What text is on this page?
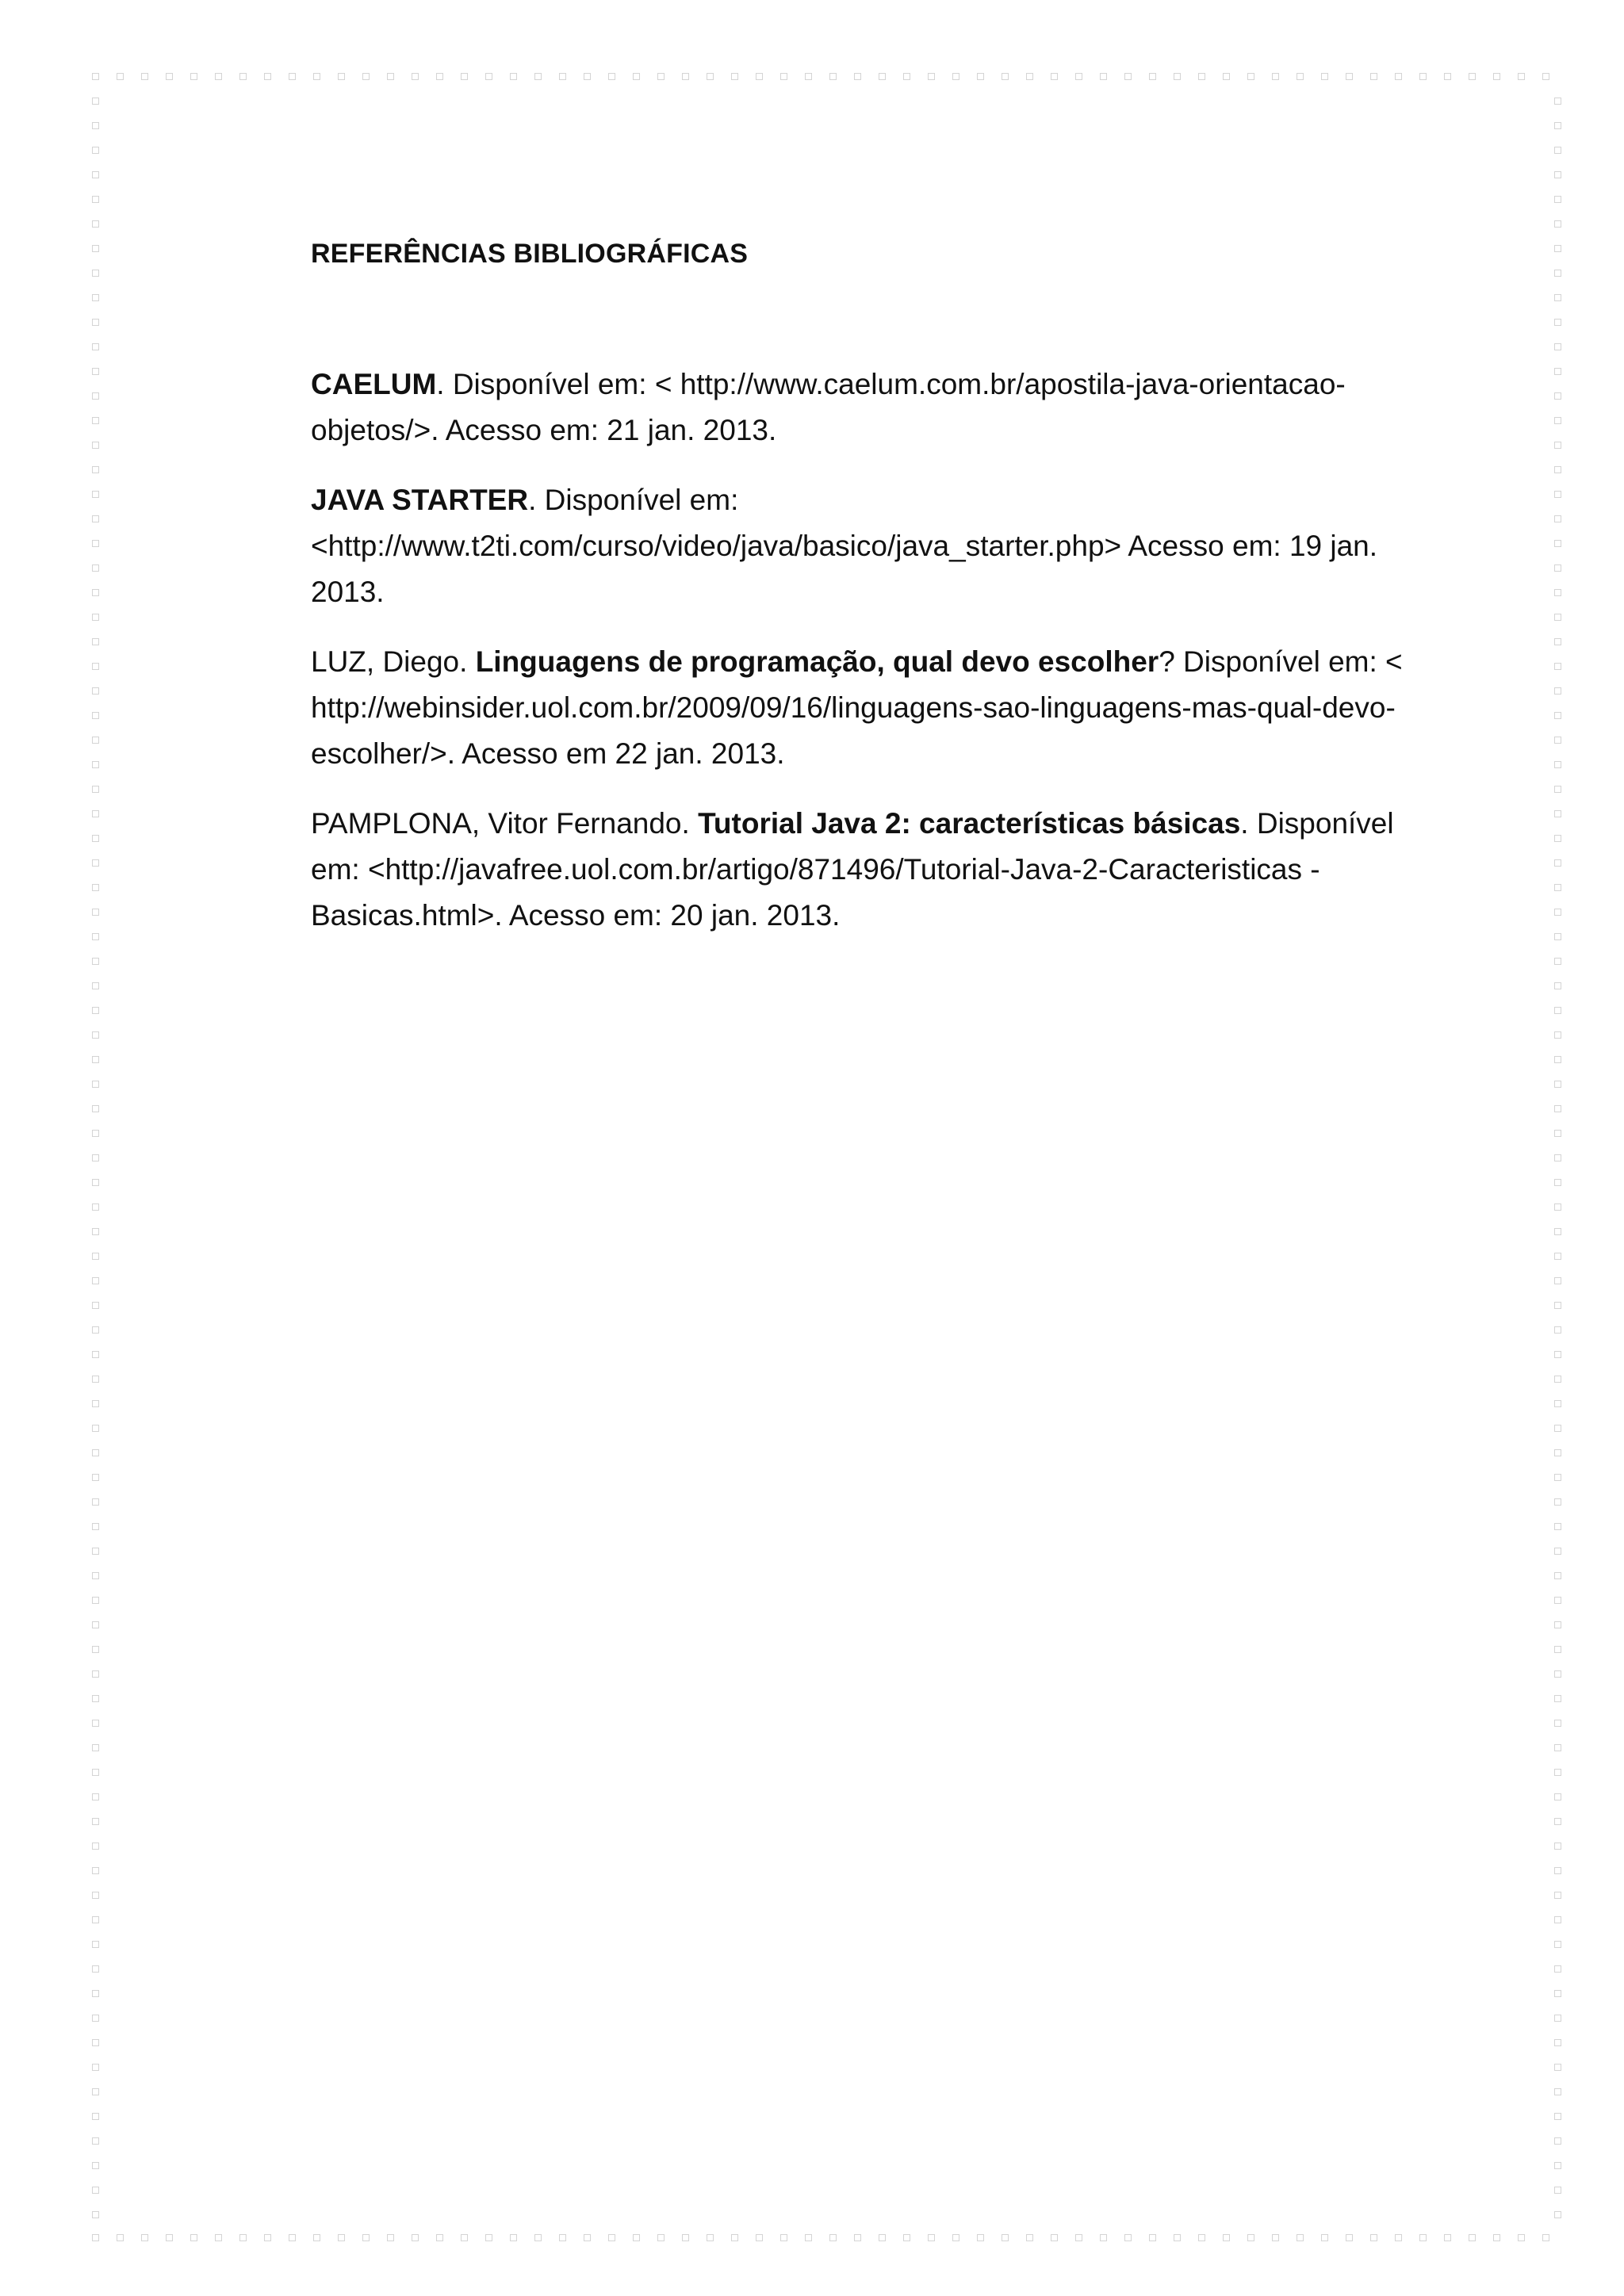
REFERÊNCIAS BIBLIOGRÁFICAS

CAELUM. Disponível em: < http://www.caelum.com.br/apostila-java-orientacao-objetos/>. Acesso em: 21 jan. 2013.

JAVA STARTER. Disponível em: <http://www.t2ti.com/curso/video/java/basico/java_starter.php> Acesso em: 19 jan. 2013.

LUZ, Diego. Linguagens de programação, qual devo escolher? Disponível em: < http://webinsider.uol.com.br/2009/09/16/linguagens-sao-linguagens-mas-qual-devo-escolher/>. Acesso em 22 jan. 2013.

PAMPLONA, Vitor Fernando. Tutorial Java 2: características básicas. Disponível em: <http://javafree.uol.com.br/artigo/871496/Tutorial-Java-2-Caracteristicas -Basicas.html>. Acesso em: 20 jan. 2013.
